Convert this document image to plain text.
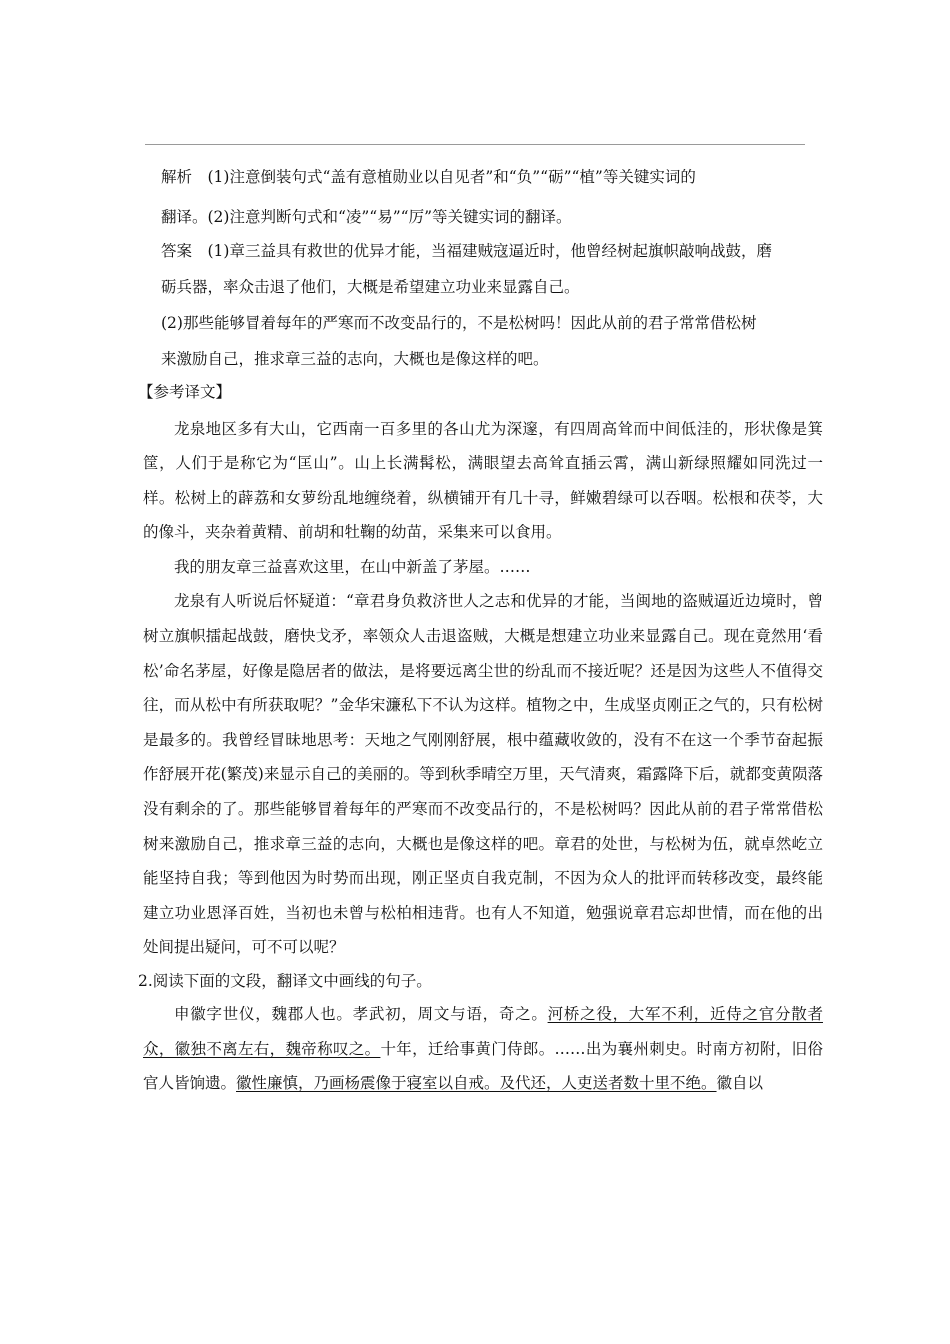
解析　(1)注意倒装句式“盖有意植勋业以自见者”和“负”“砺”“植”等关键实词的

翻译。(2)注意判断句式和“凌”“易”“厉”等关键实词的翻译。

答案　(1)章三益具有救世的优异才能，当福建贼寇逼近时，他曾经树起旗帜敲响战鼓，磨

砺兵器，率众击退了他们，大概是希望建立功业来显露自己。

(2)那些能够冒着每年的严寒而不改变品行的，不是松树吗！因此从前的君子常常借松树

来激励自己，推求章三益的志向，大概也是像这样的吧。

【参考译文】

龙泉地区多有大山，它西南一百多里的各山尤为深邃，有四周高耸而中间低洼的，形状像是箕筐，人们于是称它为“匡山”。山上长满髯松，满眼望去高耸直插云霄，满山新绿照耀如同洗过一样。松树上的薜荔和女萝纷乱地缠绕着，纵横铺开有几十寻，鲜嫩碧绿可以吞咽。松根和茯苓，大的像斗，夹杂着黄精、前胡和牡鞠的幼苗，采集来可以食用。

我的朋友章三益喜欢这里，在山中新盖了茅屋。……

龙泉有人听说后怀疑道：“章君身负救济世人之志和优异的才能，当闽地的盗贼逼近边境时，曾树立旗帜擂起战鼓，磨快戈矛，率领众人击退盗贼，大概是想建立功业来显露自己。现在竟然用‘看松’命名茅屋，好像是隐居者的做法，是将要远离尘世的纷乱而不接近呢？还是因为这些人不值得交往，而从松中有所获取呢？”金华宋濂私下不认为这样。植物之中，生成坚贞刚正之气的，只有松树是最多的。我曾经冒昧地思考：天地之气刚刚舒展，根中蕴藏收敛的，没有不在这一个季节奋起振作舒展开花(繁茂)来显示自己的美丽的。等到秋季晴空万里，天气清爽，霜露降下后，就都变黄陨落没有剩余的了。那些能够冒着每年的严寒而不改变品行的，不是松树吗？因此从前的君子常常借松树来激励自己，推求章三益的志向，大概也是像这样的吧。章君的处世，与松树为伍，就卓然屹立能坚持自我；等到他因为时势而出现，刚正坚贞自我克制，不因为众人的批评而转移改变，最终能建立功业恩泽百姓，当初也未曾与松柏相违背。也有人不知道，勉强说章君忘却世情，而在他的出处间提出疑问，可不可以呢？

2.阅读下面的文段，翻译文中画线的句子。

申徽字世仪，魏郡人也。孝武初，周文与语，奇之。河桥之役，大军不利，近侍之官分散者众，徽独不离左右，魏帝称叹之。十年，迁给事黄门侍郎。……出为襄州刺史。时南方初附，旧俗官人皆饷遗。徽性廉慎，乃画杨震像于寝室以自戒。及代还，人吏送者数十里不绝。徽自以
